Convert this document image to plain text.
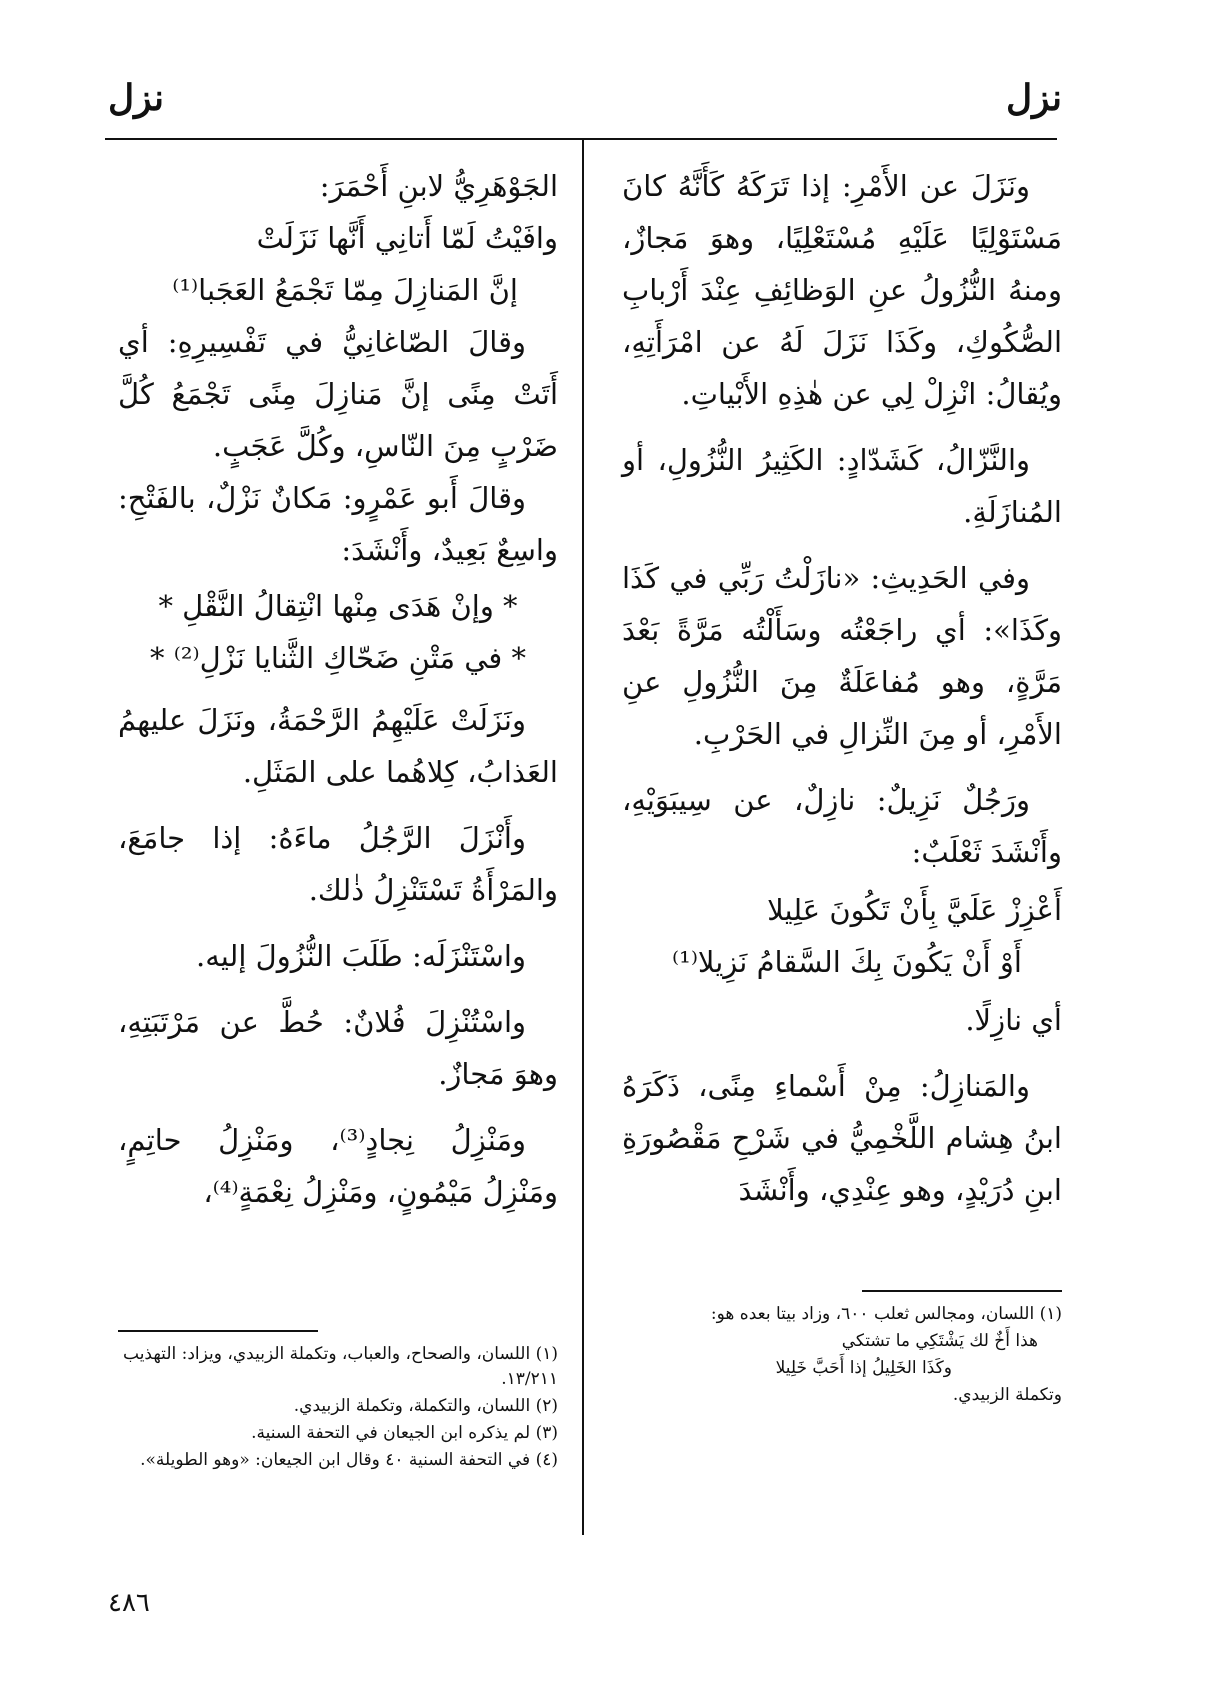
نزل
نزل

ونَزَلَ عن الأَمْرِ: إذا تَرَكَهُ كَأَنَّهُ كانَ مَسْتَوْلِيًا عَلَيْهِ مُسْتَعْلِيًا، وهوَ مَجازٌ، ومنهُ النُّزُولُ عنِ الوَظائِفِ عِنْدَ أَرْبابِ الصُّكُوكِ، وكَذَا نَزَلَ لَهُ عن امْرَأَتِهِ، ويُقالُ: انْزِلْ لِي عن هٰذِهِ الأَبْياتِ.

والنَّزّالُ، كَشَدّادٍ: الكَثِيرُ النُّزُولِ، أو المُنازَلَةِ.

وفي الحَدِيثِ: «نازَلْتُ رَبِّي في كَذَا وكَذَا»: أي راجَعْتُه وسَأَلْتُه مَرَّةً بَعْدَ مَرَّةٍ، وهو مُفاعَلَةٌ مِنَ النُّزُولِ عنِ الأَمْرِ، أو مِنَ النِّزالِ في الحَرْبِ.

ورَجُلٌ نَزِيلٌ: نازِلٌ، عن سِيبَوَيْهِ، وأَنْشَدَ ثَعْلَبٌ:

أَعْزِزْ عَلَيَّ بِأَنْ تَكُونَ عَلِيلا

أَوْ أَنْ يَكُونَ بِكَ السَّقامُ نَزِيلا⁽¹⁾

أي نازِلًا.

والمَنازِلُ: مِنْ أَسْماءِ مِنًى، ذَكَرَهُ ابنُ هِشام اللَّخْمِيُّ في شَرْحِ مَقْصُورَةِ ابنِ دُرَيْدٍ، وهو عِنْدِي، وأَنْشَدَ

الجَوْهَرِيُّ لابنِ أَحْمَرَ:

وافَيْتُ لَمّا أَتانِي أَنَّها نَزَلَتْ

إنَّ المَنازِلَ مِمّا تَجْمَعُ العَجَبا⁽¹⁾

وقالَ الصّاغانِيُّ في تَفْسِيرِهِ: أي أَتَتْ مِنًى إنَّ مَنازِلَ مِنًى تَجْمَعُ كُلَّ ضَرْبٍ مِنَ النّاسِ، وكُلَّ عَجَبٍ.

وقالَ أَبو عَمْرٍو: مَكانٌ نَزْلٌ، بالفَتْحِ: واسِعٌ بَعِيدٌ، وأَنْشَدَ:

* وإنْ هَدَى مِنْها انْتِقالُ النَّقْلِ *

* في مَتْنِ ضَحّاكِ الثَّنايا نَزْلِ⁽²⁾ *

ونَزَلَتْ عَلَيْهِمُ الرَّحْمَةُ، ونَزَلَ عليهمُ العَذابُ، كِلاهُما على المَثَلِ.

وأَنْزَلَ الرَّجُلُ ماءَهُ: إذا جامَعَ، والمَرْأَةُ تَسْتَنْزِلُ ذٰلك.

واسْتَنْزَلَه: طَلَبَ النُّزُولَ إليه.

واسْتُنْزِلَ فُلانٌ: حُطَّ عن مَرْتَبَتِهِ، وهوَ مَجازٌ.

ومَنْزِلُ نِجادٍ⁽³⁾، ومَنْزِلُ حاتِمٍ، ومَنْزِلُ مَيْمُونٍ، ومَنْزِلُ نِعْمَةٍ⁽⁴⁾،

(١) اللسان، ومجالس ثعلب ٦٠٠، وزاد بيتا بعده هو:
هذا أَخٌ لك يَشْتَكِي ما تشتكي
وكَذَا الخَلِيلُ إذا أَحَبَّ خَلِيلا
وتكملة الزبيدي.
(١) اللسان، والصحاح، والعباب، وتكملة الزبيدي، ويزاد: التهذيب ١٣/٢١١.
(٢) اللسان، والتكملة، وتكملة الزبيدي.
(٣) لم يذكره ابن الجيعان في التحفة السنية.
(٤) في التحفة السنية ٤٠ وقال ابن الجيعان: «وهو الطويلة».

٤٨٦
